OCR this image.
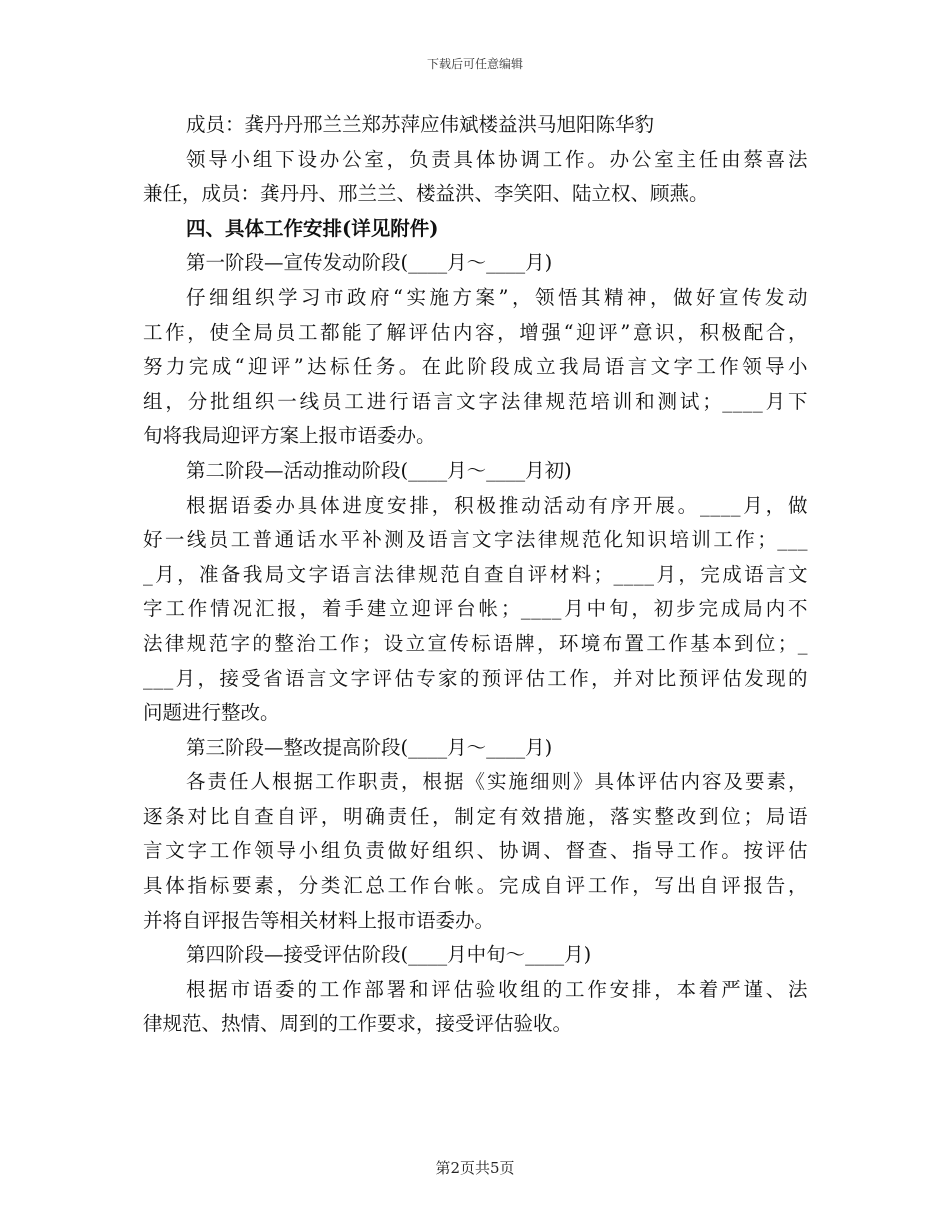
下载后可任意编辑
成员：龚丹丹邢兰兰郑苏萍应伟斌楼益洪马旭阳陈华豹
领导小组下设办公室，负责具体协调工作。办公室主任由蔡喜法
兼任，成员：龚丹丹、邢兰兰、楼益洪、李笑阳、陆立权、顾燕。
四、具体工作安排(详见附件)
第一阶段—宣传发动阶段(____月～____月)
仔细组织学习市政府“实施方案”，领悟其精神，做好宣传发动
工作，使全局员工都能了解评估内容，增强“迎评”意识，积极配合，
努力完成“迎评”达标任务。在此阶段成立我局语言文字工作领导小
组，分批组织一线员工进行语言文字法律规范培训和测试；____月下
旬将我局迎评方案上报市语委办。
第二阶段—活动推动阶段(____月～____月初)
根据语委办具体进度安排，积极推动活动有序开展。____月，做
好一线员工普通话水平补测及语言文字法律规范化知识培训工作；___
_月，准备我局文字语言法律规范自查自评材料；____月，完成语言文
字工作情况汇报，着手建立迎评台帐；____月中旬，初步完成局内不
法律规范字的整治工作；设立宣传标语牌，环境布置工作基本到位；_
___月，接受省语言文字评估专家的预评估工作，并对比预评估发现的
问题进行整改。
第三阶段—整改提高阶段(____月～____月)
各责任人根据工作职责，根据《实施细则》具体评估内容及要素，
逐条对比自查自评，明确责任，制定有效措施，落实整改到位；局语
言文字工作领导小组负责做好组织、协调、督查、指导工作。按评估
具体指标要素，分类汇总工作台帐。完成自评工作，写出自评报告，
并将自评报告等相关材料上报市语委办。
第四阶段—接受评估阶段(____月中旬～____月)
根据市语委的工作部署和评估验收组的工作安排，本着严谨、法
律规范、热情、周到的工作要求，接受评估验收。
第2页共5页
